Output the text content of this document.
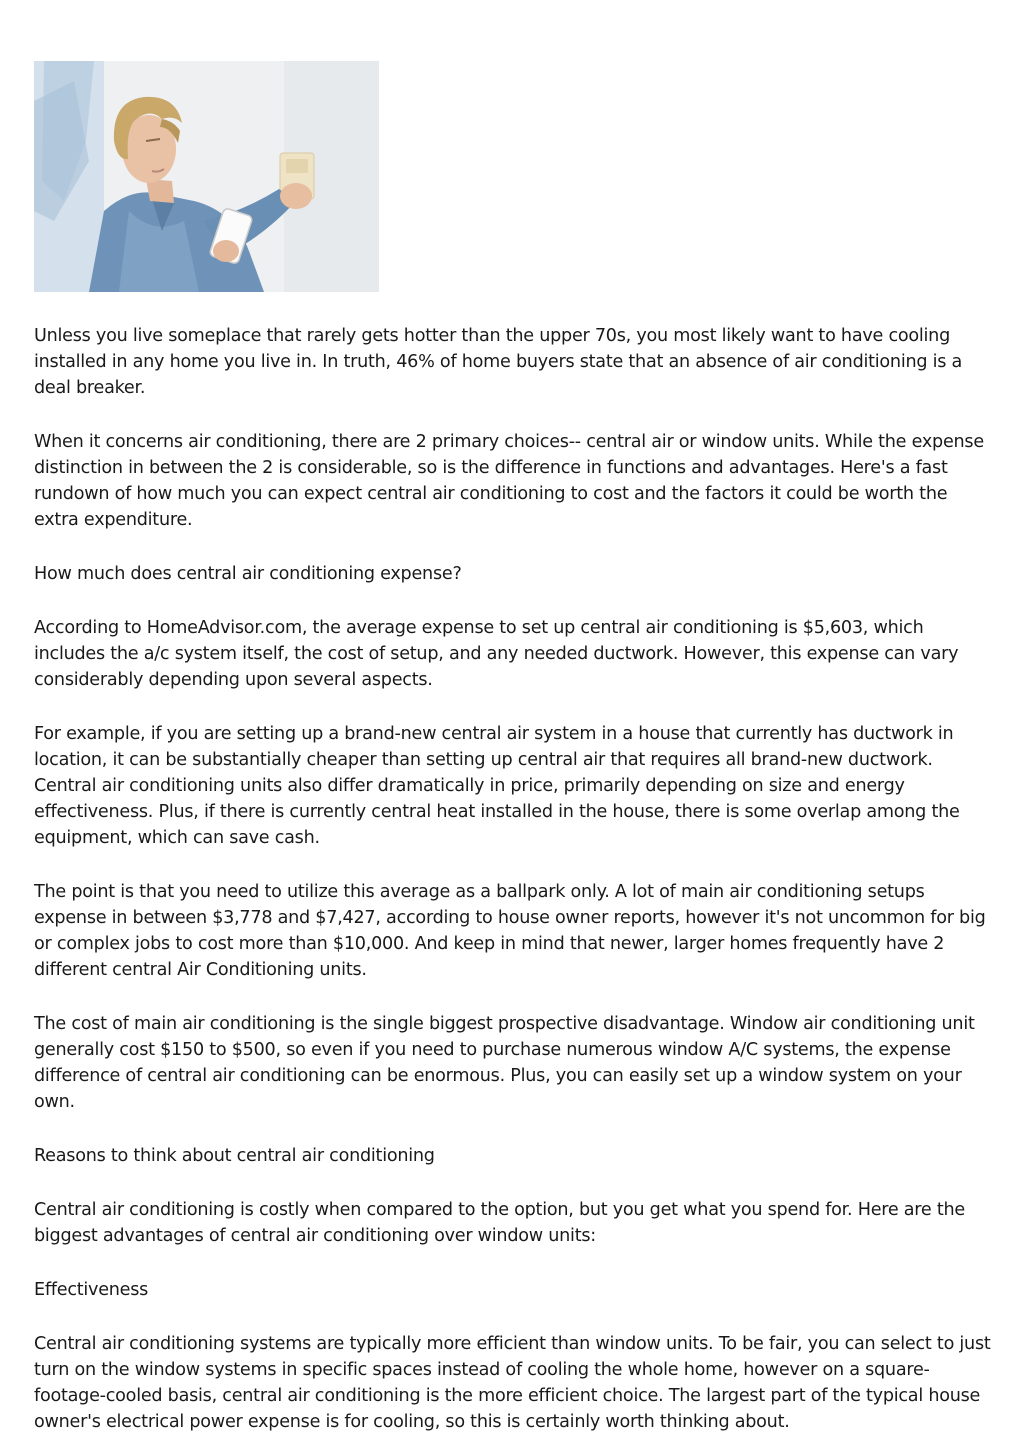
Unless you live someplace that rarely gets hotter than the upper 70s, you most likely want to have cooling installed in any home you live in. In truth, 46% of home buyers state that an absence of air conditioning is a deal breaker.

When it concerns air conditioning, there are 2 primary choices-- central air or window units. While the expense distinction in between the 2 is considerable, so is the difference in functions and advantages. Here's a fast rundown of how much you can expect central air conditioning to cost and the factors it could be worth the extra expenditure.

How much does central air conditioning expense?

According to HomeAdvisor.com, the average expense to set up central air conditioning is $5,603, which includes the a/c system itself, the cost of setup, and any needed ductwork. However, this expense can vary considerably depending upon several aspects.

For example, if you are setting up a brand-new central air system in a house that currently has ductwork in location, it can be substantially cheaper than setting up central air that requires all brand-new ductwork. Central air conditioning units also differ dramatically in price, primarily depending on size and energy effectiveness. Plus, if there is currently central heat installed in the house, there is some overlap among the equipment, which can save cash.

The point is that you need to utilize this average as a ballpark only. A lot of main air conditioning setups expense in between $3,778 and $7,427, according to house owner reports, however it's not uncommon for big or complex jobs to cost more than $10,000. And keep in mind that newer, larger homes frequently have 2 different central Air Conditioning units.

The cost of main air conditioning is the single biggest prospective disadvantage. Window air conditioning unit generally cost $150 to $500, so even if you need to purchase numerous window A/C systems, the expense difference of central air conditioning can be enormous. Plus, you can easily set up a window system on your own.

Reasons to think about central air conditioning

Central air conditioning is costly when compared to the option, but you get what you spend for. Here are the biggest advantages of central air conditioning over window units:

Effectiveness

Central air conditioning systems are typically more efficient than window units. To be fair, you can select to just turn on the window systems in specific spaces instead of cooling the whole home, however on a square-footage-cooled basis, central air conditioning is the more efficient choice. The largest part of the typical house owner's electrical power expense is for cooling, so this is certainly worth thinking about.
